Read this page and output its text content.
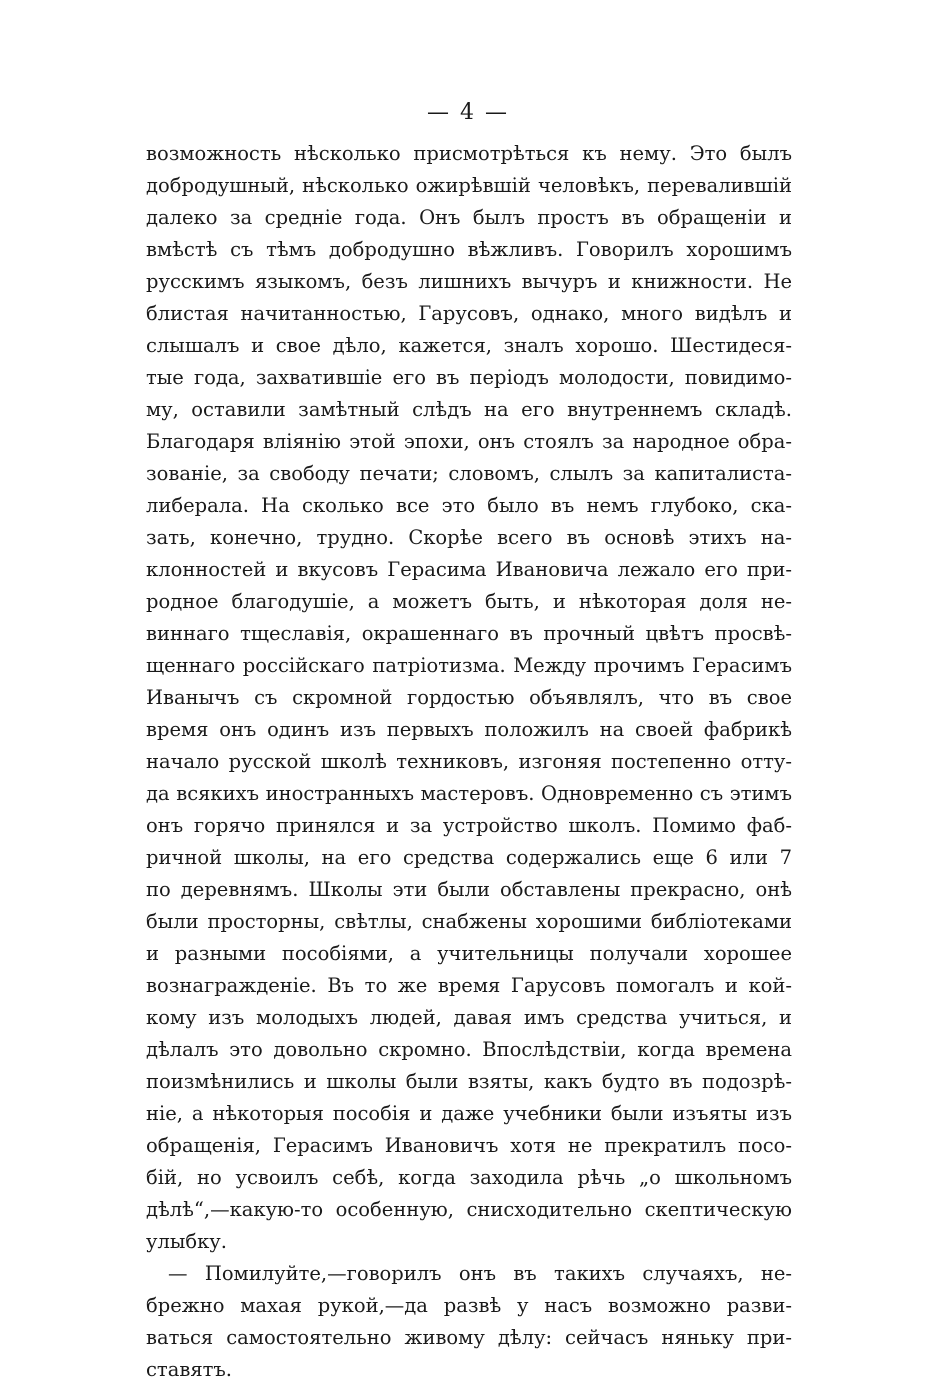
— 4 —
возможность нѣсколько присмотрѣться къ нему. Это былъ
добродушный, нѣсколько ожирѣвшій человѣкъ, перевалившій
далеко за средніе года. Онъ былъ простъ въ обращеніи и
вмѣстѣ съ тѣмъ добродушно вѣжливъ. Говорилъ хорошимъ
русскимъ языкомъ, безъ лишнихъ вычуръ и книжности. Не
блистая начитанностью, Гарусовъ, однако, много видѣлъ и
слышалъ и свое дѣло, кажется, зналъ хорошо. Шестидеся-
тые года, захватившіе его въ періодъ молодости, повидимо-
му, оставили замѣтный слѣдъ на его внутреннемъ складѣ.
Благодаря вліянію этой эпохи, онъ стоялъ за народное обра-
зованіе, за свободу печати; словомъ, слылъ за капиталиста-
либерала. На сколько все это было въ немъ глубоко, ска-
зать, конечно, трудно. Скорѣе всего въ основѣ этихъ на-
клонностей и вкусовъ Герасима Ивановича лежало его при-
родное благодушіе, а можетъ быть, и нѣкоторая доля не-
виннаго тщеславія, окрашеннаго въ прочный цвѣтъ просвѣ-
щеннаго россійскаго патріотизма. Между прочимъ Герасимъ
Иванычъ съ скромной гордостью объявлялъ, что въ свое
время онъ одинъ изъ первыхъ положилъ на своей фабрикѣ
начало русской школѣ техниковъ, изгоняя постепенно отту-
да всякихъ иностранныхъ мастеровъ. Одновременно съ этимъ
онъ горячо принялся и за устройство школъ. Помимо фаб-
ричной школы, на его средства содержались еще 6 или 7
по деревнямъ. Школы эти были обставлены прекрасно, онѣ
были просторны, свѣтлы, снабжены хорошими библіотеками
и разными пособіями, а учительницы получали хорошее
вознагражденіе. Въ то же время Гарусовъ помогалъ и кой-
кому изъ молодыхъ людей, давая имъ средства учиться, и
дѣлалъ это довольно скромно. Впослѣдствіи, когда времена
поизмѣнились и школы были взяты, какъ будто въ подозрѣ-
ніе, а нѣкоторыя пособія и даже учебники были изъяты изъ
обращенія, Герасимъ Ивановичъ хотя не прекратилъ посо-
бій, но усвоилъ себѣ, когда заходила рѣчь „о школьномъ
дѣлѣ“,—какую-то особенную, снисходительно скептическую
улыбку.
— Помилуйте,—говорилъ онъ въ такихъ случаяхъ, не-
брежно махая рукой,—да развѣ у насъ возможно разви-
ваться самостоятельно живому дѣлу: сейчасъ няньку при-
ставятъ.
